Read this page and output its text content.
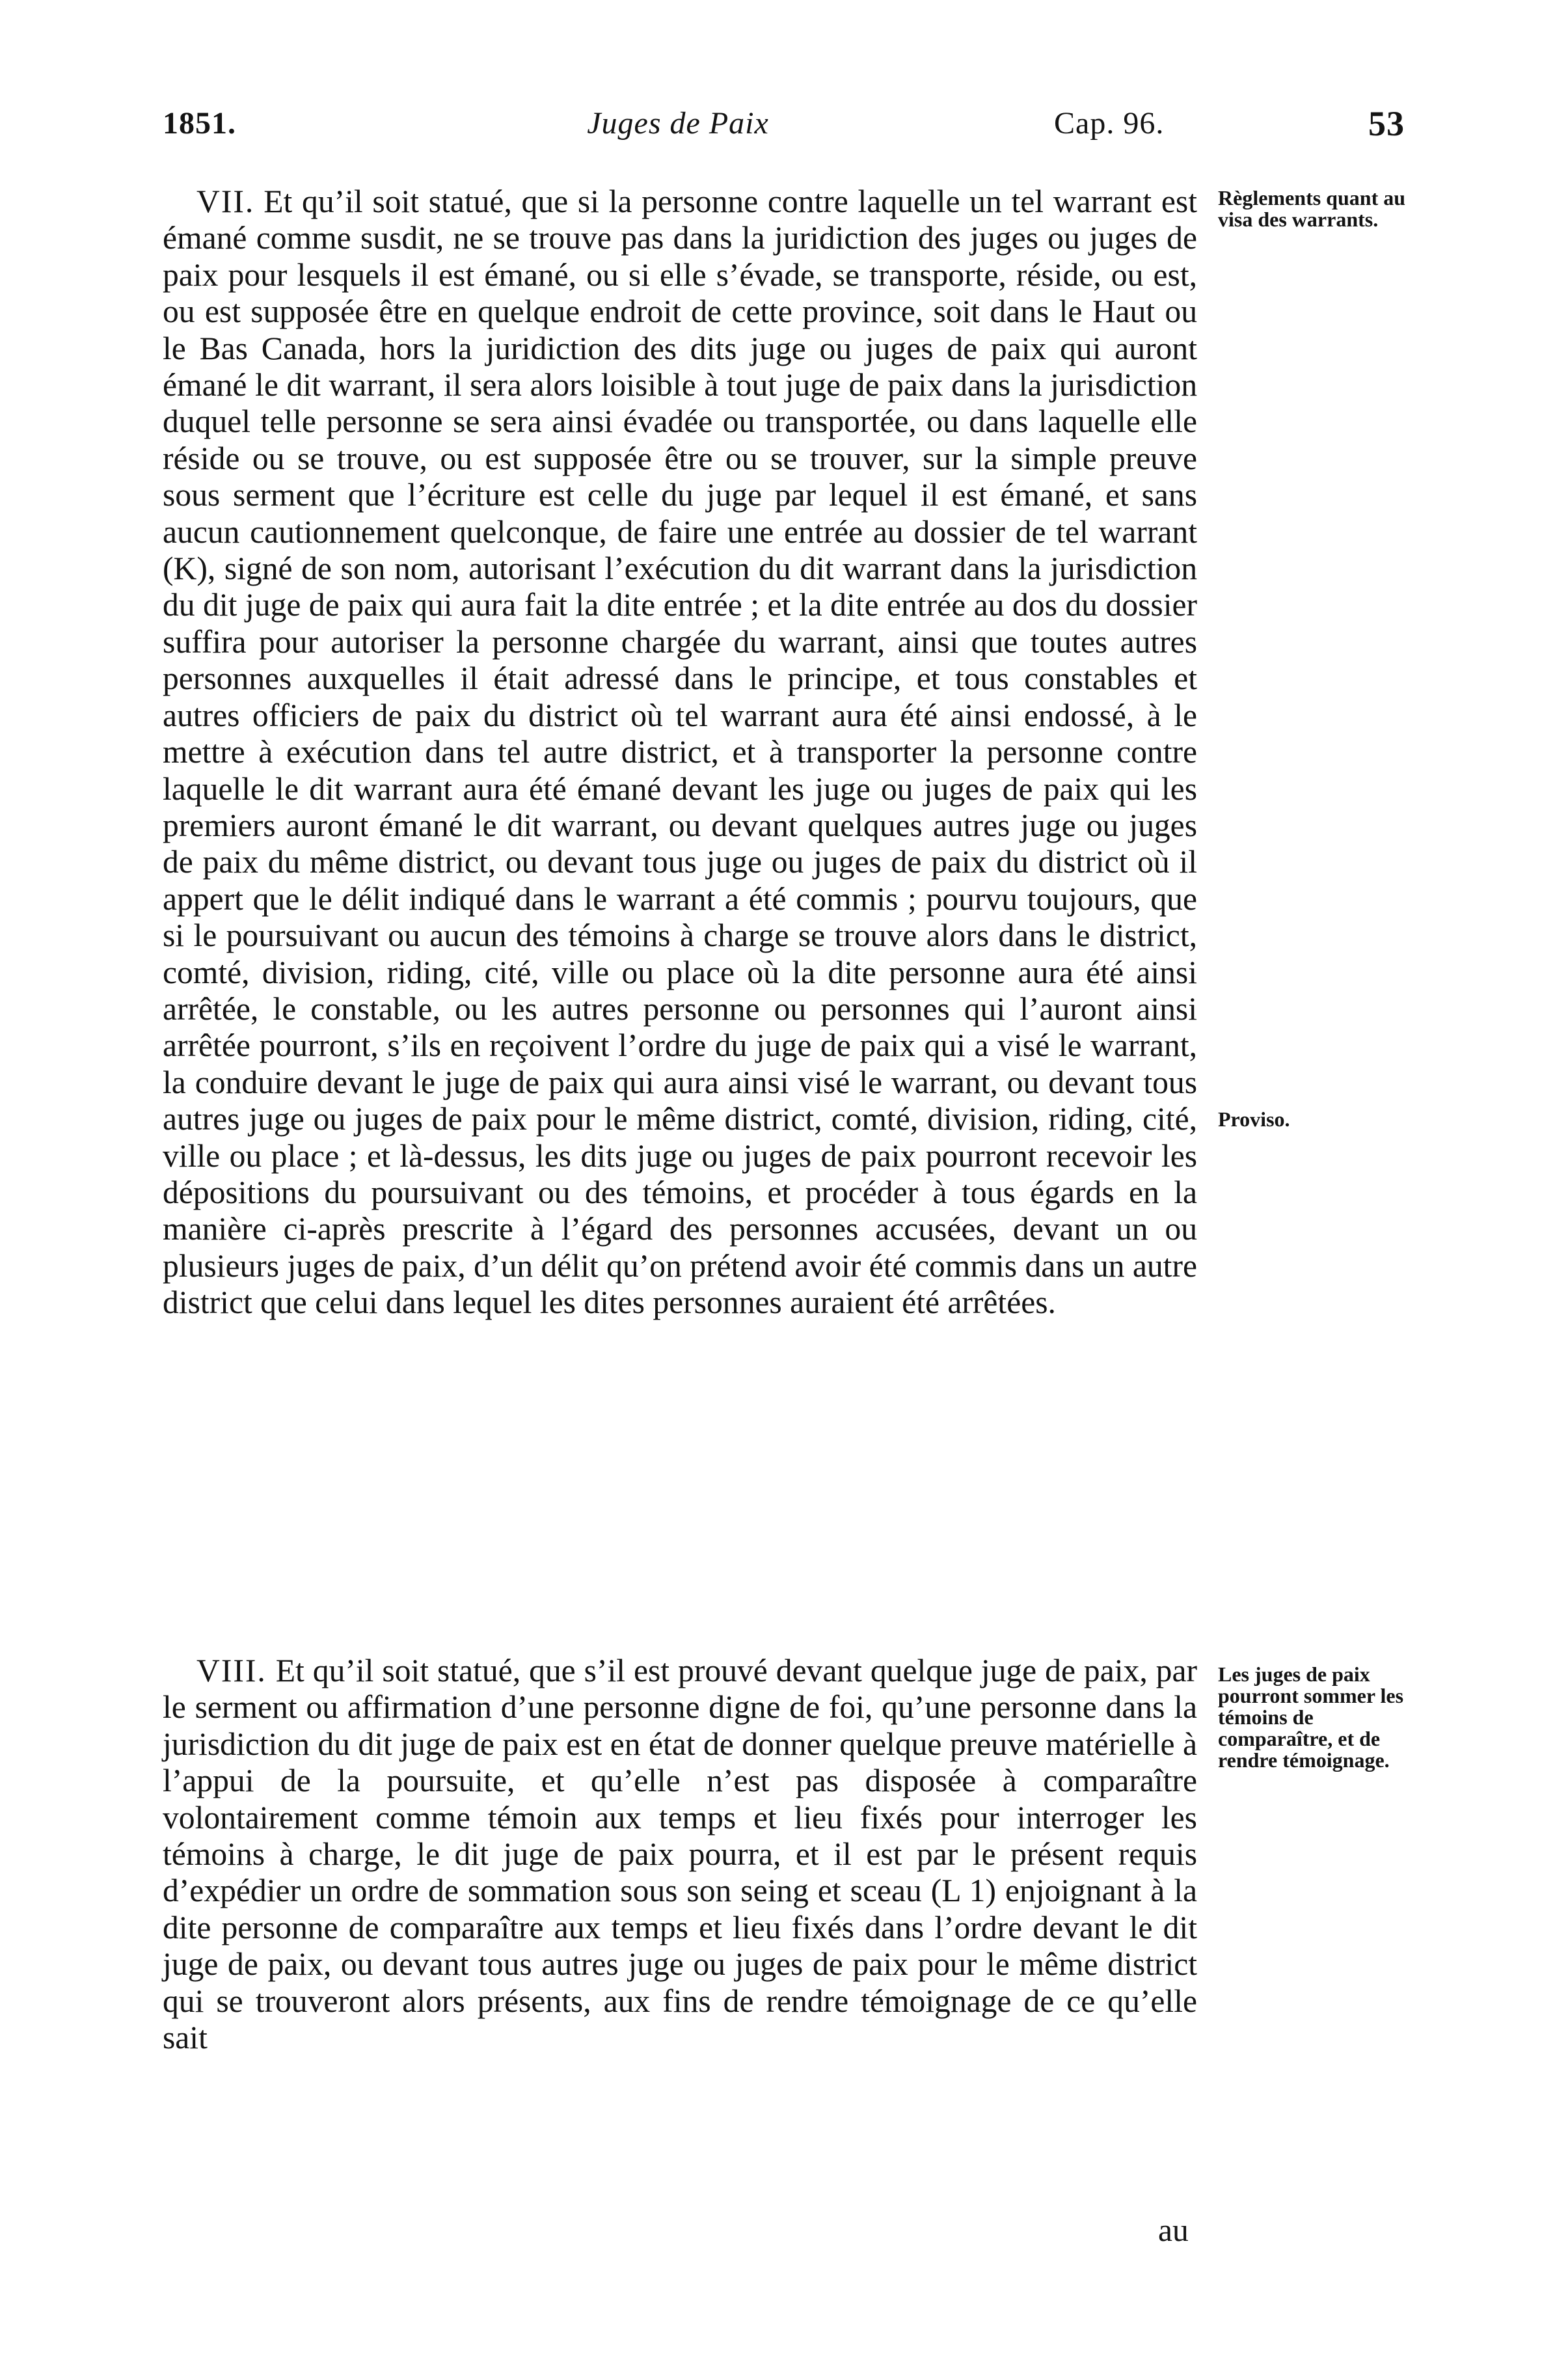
1851.	Juges de Paix	Cap. 96.	53

VII. Et qu’il soit statué, que si la personne contre laquelle un tel warrant est émané comme susdit, ne se trouve pas dans la juridiction des juges ou juges de paix pour lesquels il est émané, ou si elle s’évade, se transporte, réside, ou est, ou est supposée être en quelque endroit de cette province, soit dans le Haut ou le Bas Canada, hors la juridiction des dits juge ou juges de paix qui auront émané le dit warrant, il sera alors loisible à tout juge de paix dans la jurisdiction duquel telle personne se sera ainsi évadée ou transportée, ou dans laquelle elle réside ou se trouve, ou est supposée être ou se trouver, sur la simple preuve sous serment que l’écriture est celle du juge par lequel il est émané, et sans aucun cautionnement quelconque, de faire une entrée au dossier de tel warrant (K), signé de son nom, autorisant l’exécution du dit warrant dans la jurisdiction du dit juge de paix qui aura fait la dite entrée ; et la dite entrée au dos du dossier suffira pour autoriser la personne chargée du warrant, ainsi que toutes autres personnes auxquelles il était adressé dans le principe, et tous constables et autres officiers de paix du district où tel warrant aura été ainsi endossé, à le mettre à exécution dans tel autre district, et à transporter la personne contre laquelle le dit warrant aura été émané devant les juge ou juges de paix qui les premiers auront émané le dit warrant, ou devant quelques autres juge ou juges de paix du même district, ou devant tous juge ou juges de paix du district où il appert que le délit indiqué dans le warrant a été commis ; pourvu toujours, que si le poursuivant ou aucun des témoins à charge se trouve alors dans le district, comté, division, riding, cité, ville ou place où la dite personne aura été ainsi arrêtée, le constable, ou les autres personne ou personnes qui l’auront ainsi arrêtée pourront, s’ils en reçoivent l’ordre du juge de paix qui a visé le warrant, la conduire devant le juge de paix qui aura ainsi visé le warrant, ou devant tous autres juge ou juges de paix pour le même district, comté, division, riding, cité, ville ou place ; et là-dessus, les dits juge ou juges de paix pourront recevoir les dépositions du poursuivant ou des témoins, et procéder à tous égards en la manière ci-après prescrite à l’égard des personnes accusées, devant un ou plusieurs juges de paix, d’un délit qu’on prétend avoir été commis dans un autre district que celui dans lequel les dites personnes auraient été arrêtées.

VIII. Et qu’il soit statué, que s’il est prouvé devant quelque juge de paix, par le serment ou affirmation d’une personne digne de foi, qu’une personne dans la jurisdiction du dit juge de paix est en état de donner quelque preuve matérielle à l’appui de la poursuite, et qu’elle n’est pas disposée à comparaître volontairement comme témoin aux temps et lieu fixés pour interroger les témoins à charge, le dit juge de paix pourra, et il est par le présent requis d’expédier un ordre de sommation sous son seing et sceau (L 1) enjoignant à la dite personne de comparaître aux temps et lieu fixés dans l’ordre devant le dit juge de paix, ou devant tous autres juge ou juges de paix pour le même district qui se trouveront alors présents, aux fins de rendre témoignage de ce qu’elle sait

au

Règlements quant au visa des warrants.

Proviso.

Les juges de paix pourront sommer les témoins de comparaître, et de rendre témoignage.
